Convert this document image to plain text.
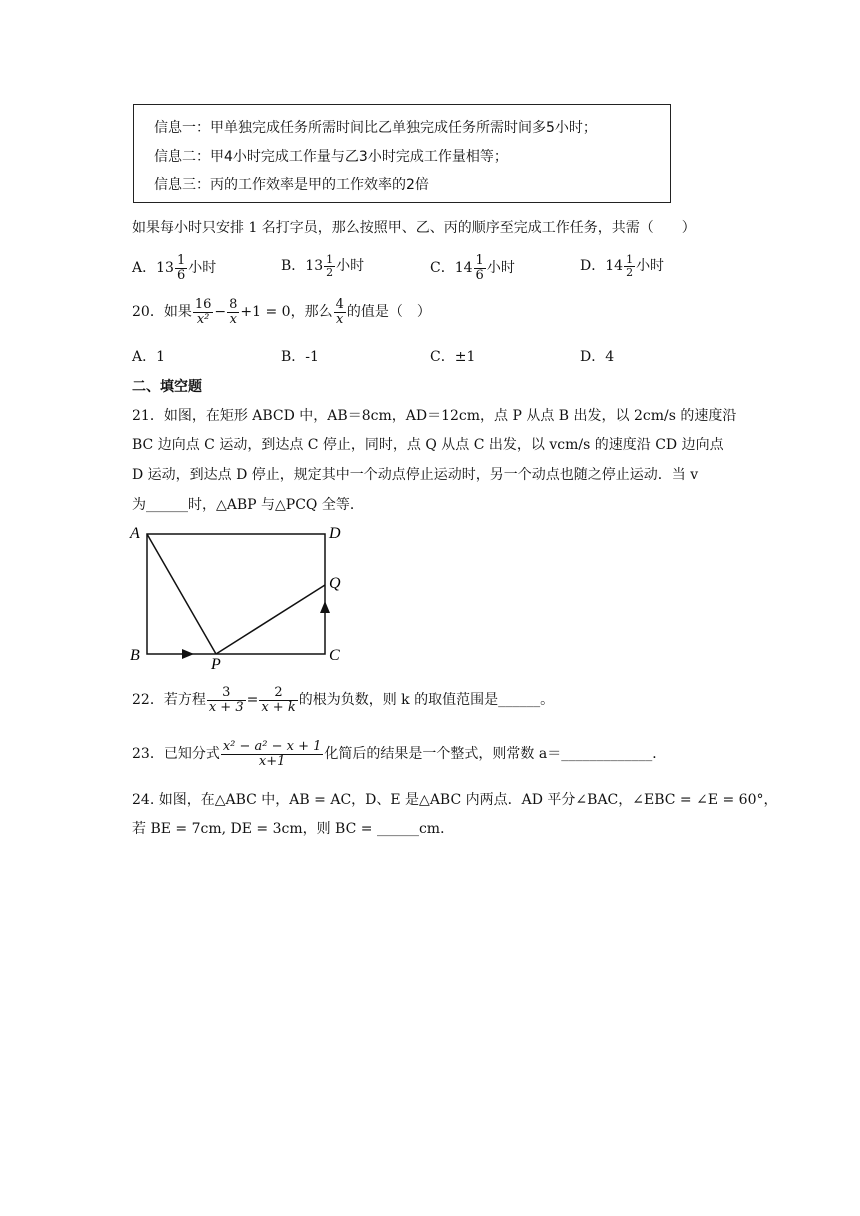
信息一：甲单独完成任务所需时间比乙单独完成任务所需时间多5小时；
信息二：甲4小时完成工作量与乙3小时完成工作量相等；
信息三：丙的工作效率是甲的工作效率的2倍
如果每小时只安排 1 名打字员，那么按照甲、乙、丙的顺序至完成工作任务，共需（　　）
A．$13 \frac{1}{6}$ 小时	B．$13 \frac{1}{2}$ 小时	C．$14 \frac{1}{6}$ 小时	D．$14 \frac{1}{2}$ 小时
20．如果 $\frac{16}{\text{x²}} - \frac{8}{x} +1 = 0$，那么 $\frac{4}{x}$ 的值是（　）
A．1	B．-1	C．±1	D．4
二、填空题
21．如图，在矩形 ABCD 中，AB＝8cm，AD＝12cm，点 P 从点 B 出发，以 2cm/s 的速度沿
BC 边向点 C 运动，到达点 C 停止，同时，点 Q 从点 C 出发，以 vcm/s 的速度沿 CD 边向点
D 运动，到达点 D 停止，规定其中一个动点停止运动时，另一个动点也随之停止运动．当 v
为______时，△ABP 与△PCQ 全等．
A	D
Q
B
P
C
22．若方程 $\frac{3}{x + 3} = \frac{2}{x + k}$ 的根为负数，则 k 的取值范围是______。
23．已知分式 $\frac{\text{x² − a² − x + 1}}{x+1}$ 化简后的结果是一个整式，则常数 a＝_____________．
24. 如图，在△ABC 中，AB = AC，D、E 是△ABC 内两点．AD 平分∠BAC，∠EBC = ∠E = 60°，
若 BE = 7cm, DE = 3cm，则 BC = ______cm．
